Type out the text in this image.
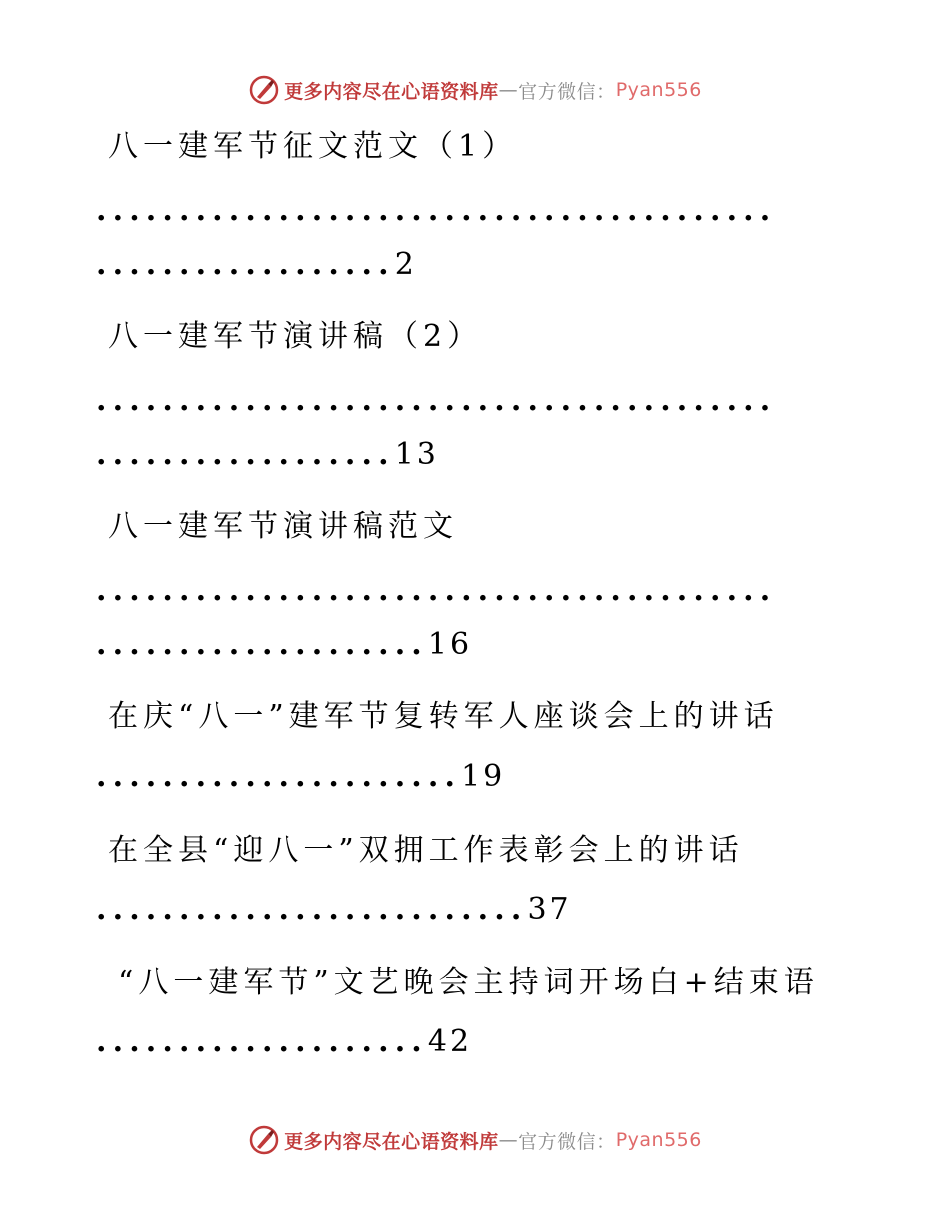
更多内容尽在心语资料库 — 官方微信： Pyan556
八一建军节征文范文（1）
.........................................
..................2
八一建军节演讲稿（2）
.........................................
..................13
八一建军节演讲稿范文
.........................................
....................16
在庆“八一”建军节复转军人座谈会上的讲话
......................19
在全县“迎八一”双拥工作表彰会上的讲话
..........................37
“八一建军节”文艺晚会主持词开场白+结束语
....................42
更多内容尽在心语资料库 — 官方微信： Pyan556
